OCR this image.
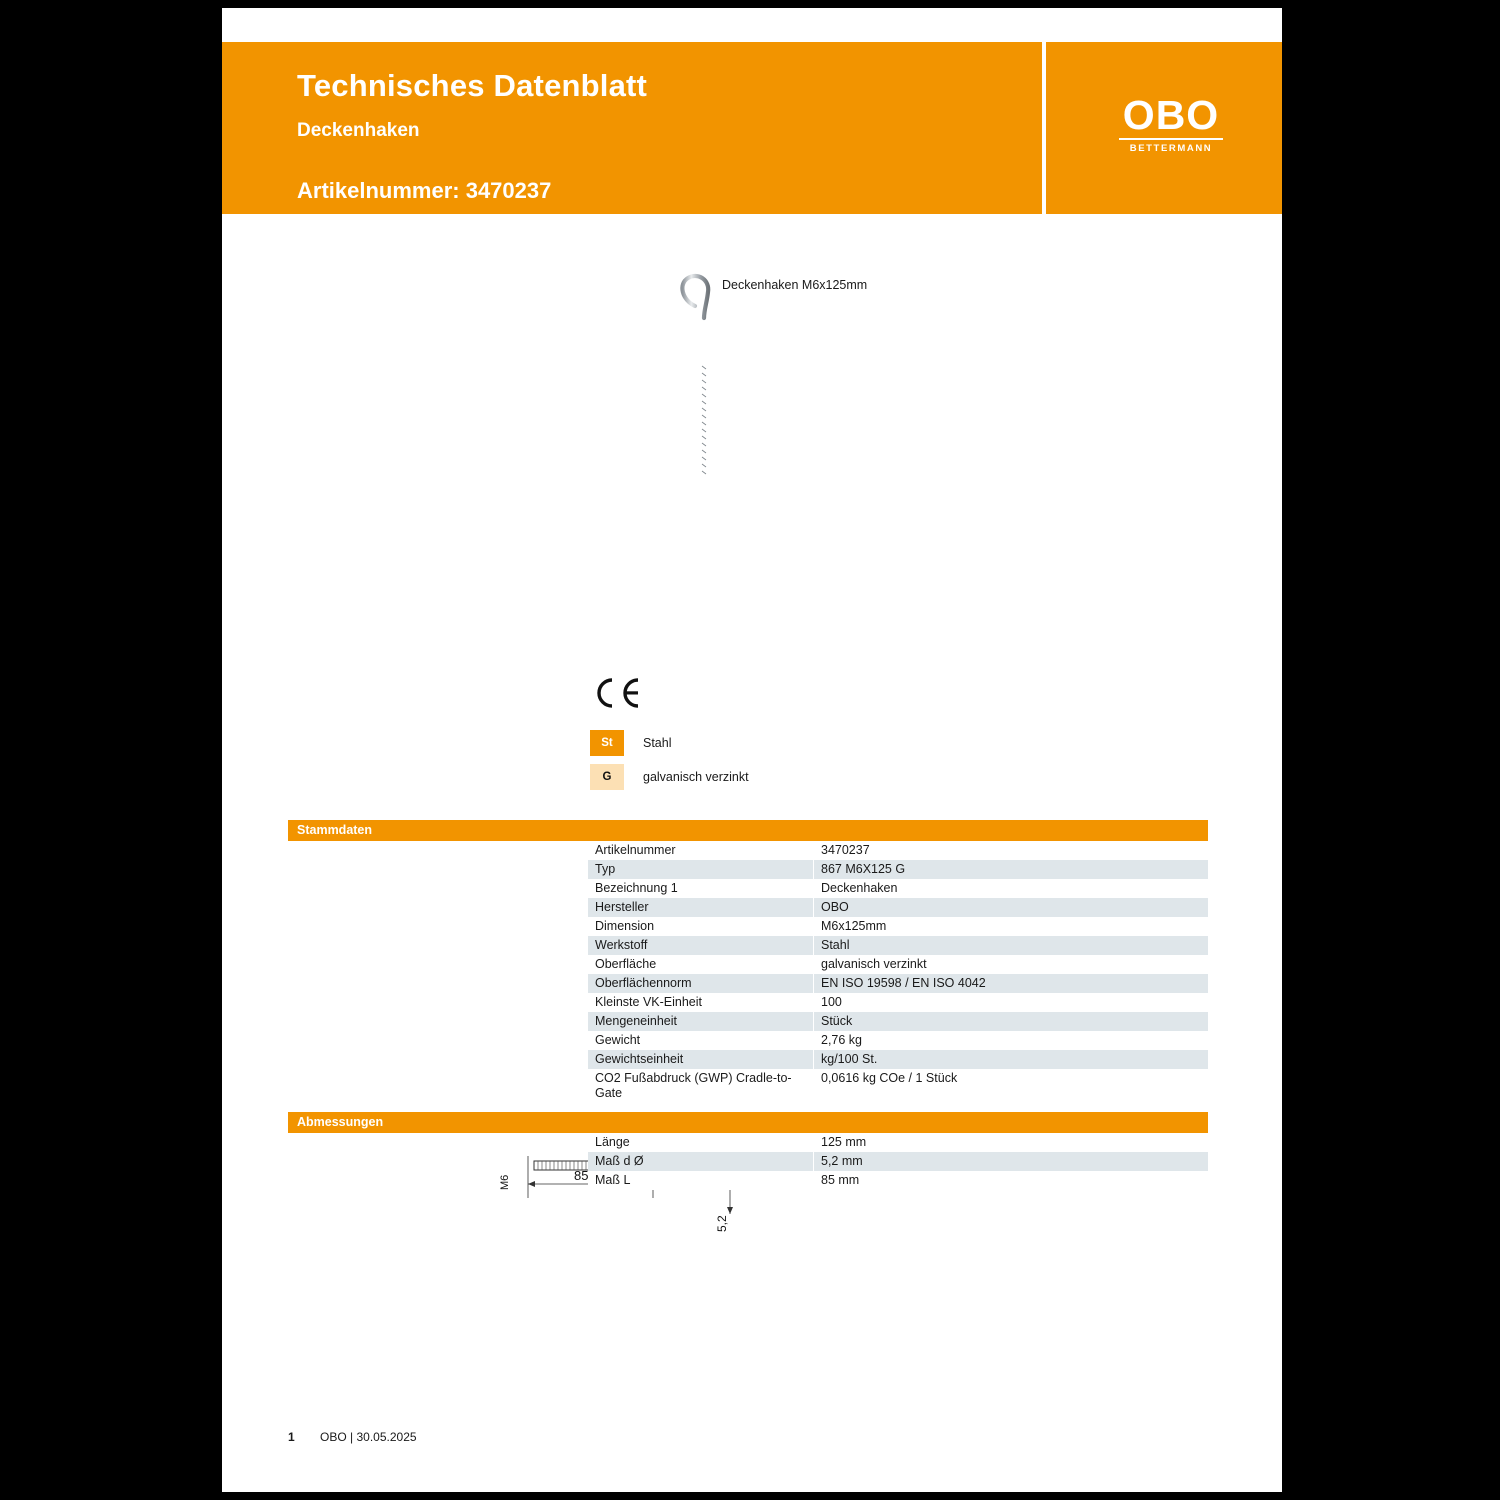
OBO
BETTERMANN
Technisches Datenblatt
Deckenhaken
Artikelnummer: 3470237
Deckenhaken M6x125mm
St	Stahl
G	galvanisch verzinkt
Stammdaten
Artikelnummer	3470237
Typ	867 M6X125 G
Bezeichnung 1	Deckenhaken
Hersteller	OBO
Dimension	M6x125mm
Werkstoff	Stahl
Oberfläche	galvanisch verzinkt
Oberflächennorm	EN ISO 19598 / EN ISO 4042
Kleinste VK-Einheit	100
Mengeneinheit	Stück
Gewicht	2,76 kg
Gewichtseinheit	kg/100 St.
CO2 Fußabdruck (GWP) Cradle-to-Gate	0,0616 kg COe / 1 Stück
Abmessungen
M6	85
5,2
Länge	125 mm
Maß d Ø	5,2 mm
Maß L	85 mm
1 OBO | 30.05.2025
